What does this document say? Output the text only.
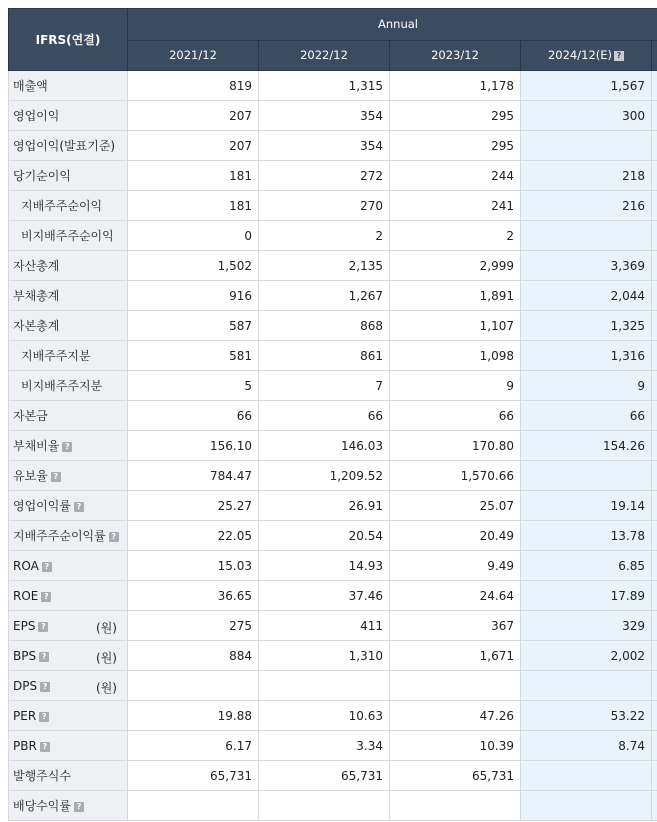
IFRS(연결)	Annual				
	2021/12	2022/12	2023/12	2024/12(E) ?	
매출액	819	1,315	1,178	1,567	
영업이익	207	354	295	300	
영업이익(발표기준)	207	354	295		
당기순이익	181	272	244	218	
지배주주순이익	181	270	241	216	
비지배주주순이익	0	2	2		
자산총계	1,502	2,135	2,999	3,369	
부채총계	916	1,267	1,891	2,044	
자본총계	587	868	1,107	1,325	
지배주주지분	581	861	1,098	1,316	
비지배주주지분	5	7	9	9	
자본금	66	66	66	66	
부채비율 ?	156.10	146.03	170.80	154.26	
유보율 ?	784.47	1,209.52	1,570.66		
영업이익률 ?	25.27	26.91	25.07	19.14	
지배주주순이익률 ?	22.05	20.54	20.49	13.78	
ROA ?	15.03	14.93	9.49	6.85	
ROE ?	36.65	37.46	24.64	17.89	
EPS ? (원)	275	411	367	329	
BPS ? (원)	884	1,310	1,671	2,002	
DPS ? (원)					

PER ?	19.88	10.63	47.26	53.22	
PBR ?	6.17	3.34	10.39	8.74	
발행주식수	65,731	65,731	65,731		
배당수익률 ?					
